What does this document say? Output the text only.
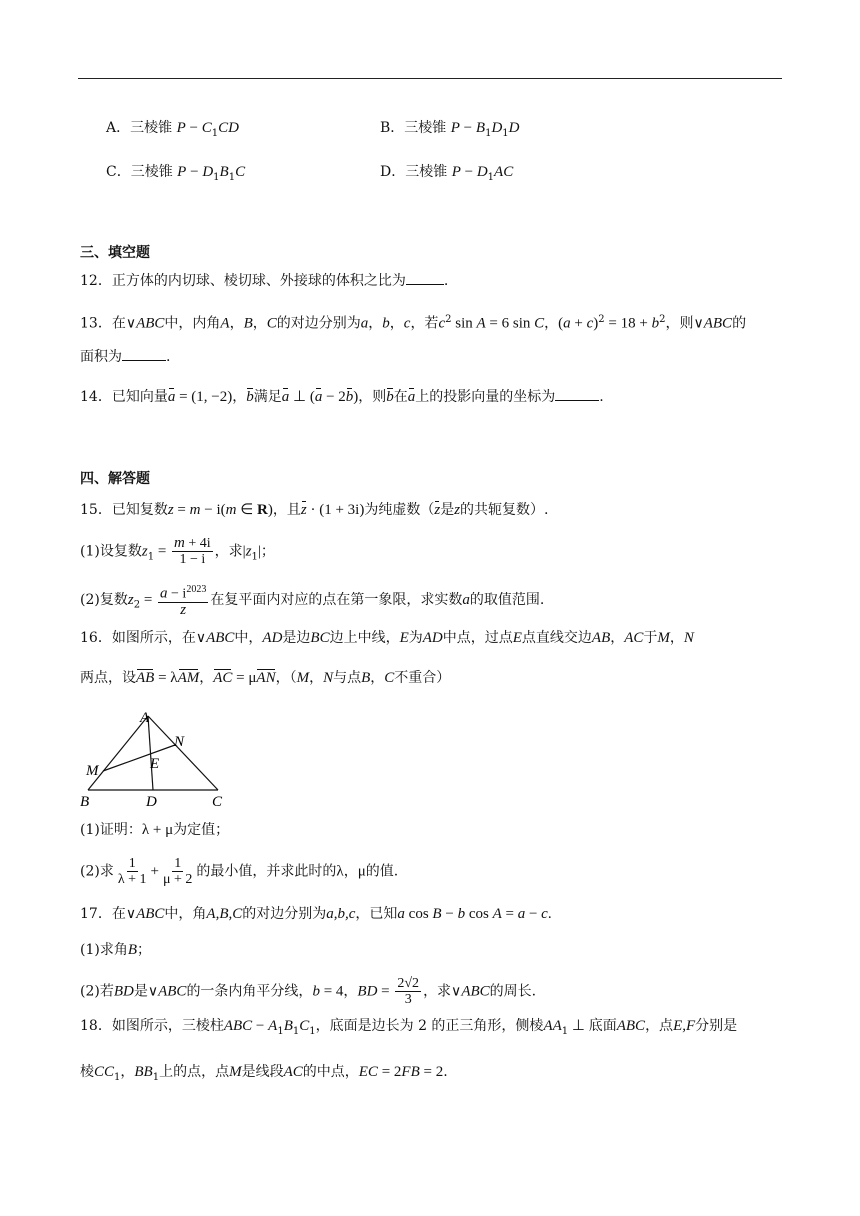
A．三棱锥 $P - C_1CD$	B．三棱锥 $P - B_1D_1D$
C．三棱锥 $P - D_1B_1C$	D．三棱锥 $P - D_1AC$
三、填空题
12．正方体的内切球、棱切球、外接球的体积之比为	.
13．在∨ABC中，内角A，B，C的对边分别为a，b，c，若$c^2$ sin A = 6 sin C，$(a + c)^2 = 18 + b^2$，则∨ABC的
面积为	.
14．已知向量a = (1, −2)，b满足a ⊥ (a − 2b)，则b在a上的投影向量的坐标为	.
四、解答题
15．已知复数z = m − i(m ∈ R)，且z · (1 + 3i)为纯虚数（z是z的共轭复数）.
(1)设复数$z_1 = \frac{m + 4i}{1 - i}$ ，求$|z_1|$；
(2)复数$z_2 = \frac{a - i^{2023}}{z}$ 在复平面内对应的点在第一象限，求实数a的取值范围.
16．如图所示，在∨ABC中，AD是边BC边上中线，E为AD中点，过点E点直线交边AB，AC于M，N
两点，设AB = λAM，AC = μAN，（M，N与点B，C不重合）
A
N
M	E
B	D	C
(1)证明：λ + μ为定值；
(2)求 $\frac{1}{\lambda + 1} + \frac{1}{\mu + 2}$ 的最小值，并求此时的λ，μ的值.
17．在∨ABC中，角A,B,C的对边分别为a,b,c，已知a cos B − b cos A = a − c.
(1)求角B；
(2)若BD是∨ABC的一条内角平分线，b = 4，BD = $\frac{2√2}{3}$ ，求∨ABC的周长.
18．如图所示，三棱柱ABC − $A_1B_1C_1$，底面是边长为 2 的正三角形，侧棱$AA_1$ ⊥ 底面ABC，点E,F分别是
棱$CC_1$，$BB_1$上的点，点M是线段AC的中点，EC = 2FB = 2.
